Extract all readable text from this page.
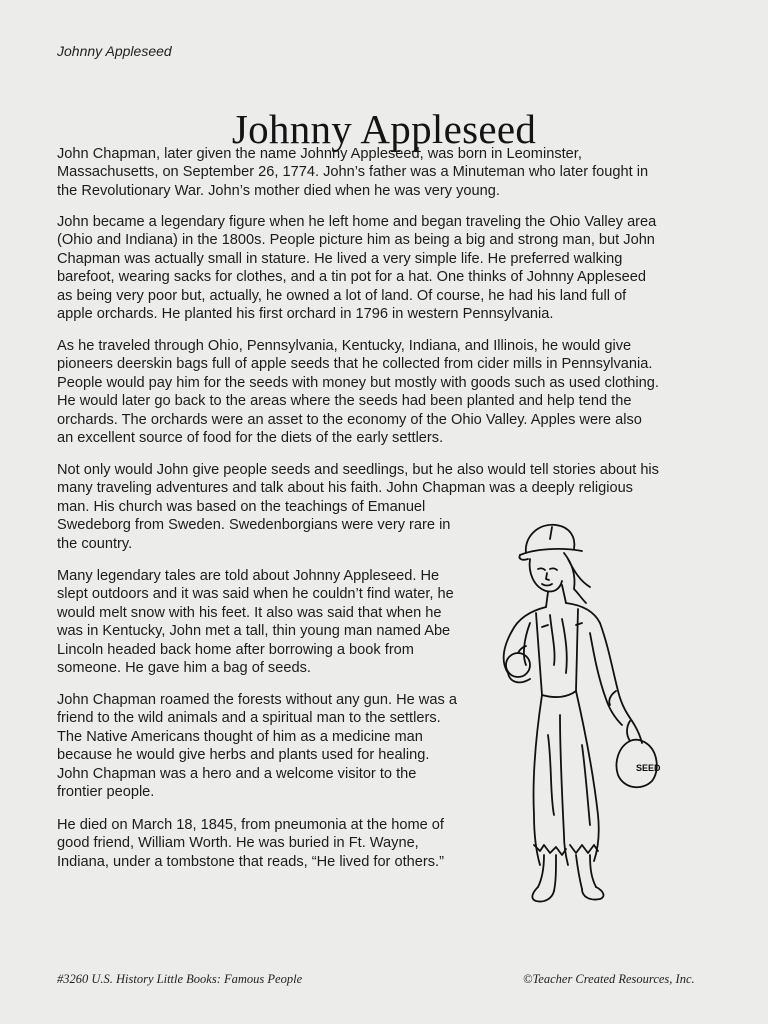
Johnny Appleseed
Johnny Appleseed

John Chapman, later given the name Johnny Appleseed, was born in Leominster,
Massachusetts, on September 26, 1774. John’s father was a Minuteman who later fought in
the Revolutionary War. John’s mother died when he was very young.

John became a legendary figure when he left home and began traveling the Ohio Valley area
(Ohio and Indiana) in the 1800s. People picture him as being a big and strong man, but John
Chapman was actually small in stature. He lived a very simple life. He preferred walking
barefoot, wearing sacks for clothes, and a tin pot for a hat. One thinks of Johnny Appleseed
as being very poor but, actually, he owned a lot of land. Of course, he had his land full of
apple orchards. He planted his first orchard in 1796 in western Pennsylvania.

As he traveled through Ohio, Pennsylvania, Kentucky, Indiana, and Illinois, he would give
pioneers deerskin bags full of apple seeds that he collected from cider mills in Pennsylvania.
People would pay him for the seeds with money but mostly with goods such as used clothing.
He would later go back to the areas where the seeds had been planted and help tend the
orchards. The orchards were an asset to the economy of the Ohio Valley. Apples were also
an excellent source of food for the diets of the early settlers.

Not only would John give people seeds and seedlings, but he also would tell stories about his
many traveling adventures and talk about his faith. John Chapman was a deeply religious
man. His church was based on the teachings of Emanuel
Swedeborg from Sweden. Swedenborgians were very rare in
the country.

Many legendary tales are told about Johnny Appleseed. He
slept outdoors and it was said when he couldn’t find water, he
would melt snow with his feet. It also was said that when he
was in Kentucky, John met a tall, thin young man named Abe
Lincoln headed back home after borrowing a book from
someone. He gave him a bag of seeds.

John Chapman roamed the forests without any gun. He was a
friend to the wild animals and a spiritual man to the settlers.
The Native Americans thought of him as a medicine man
because he would give herbs and plants used for healing.
John Chapman was a hero and a welcome visitor to the
frontier people.

He died on March 18, 1845, from pneumonia at the home of
good friend, William Worth. He was buried in Ft. Wayne,
Indiana, under a tombstone that reads, “He lived for others.”

SEED
#3260 U.S. History Little Books: Famous People	©Teacher Created Resources, Inc.
